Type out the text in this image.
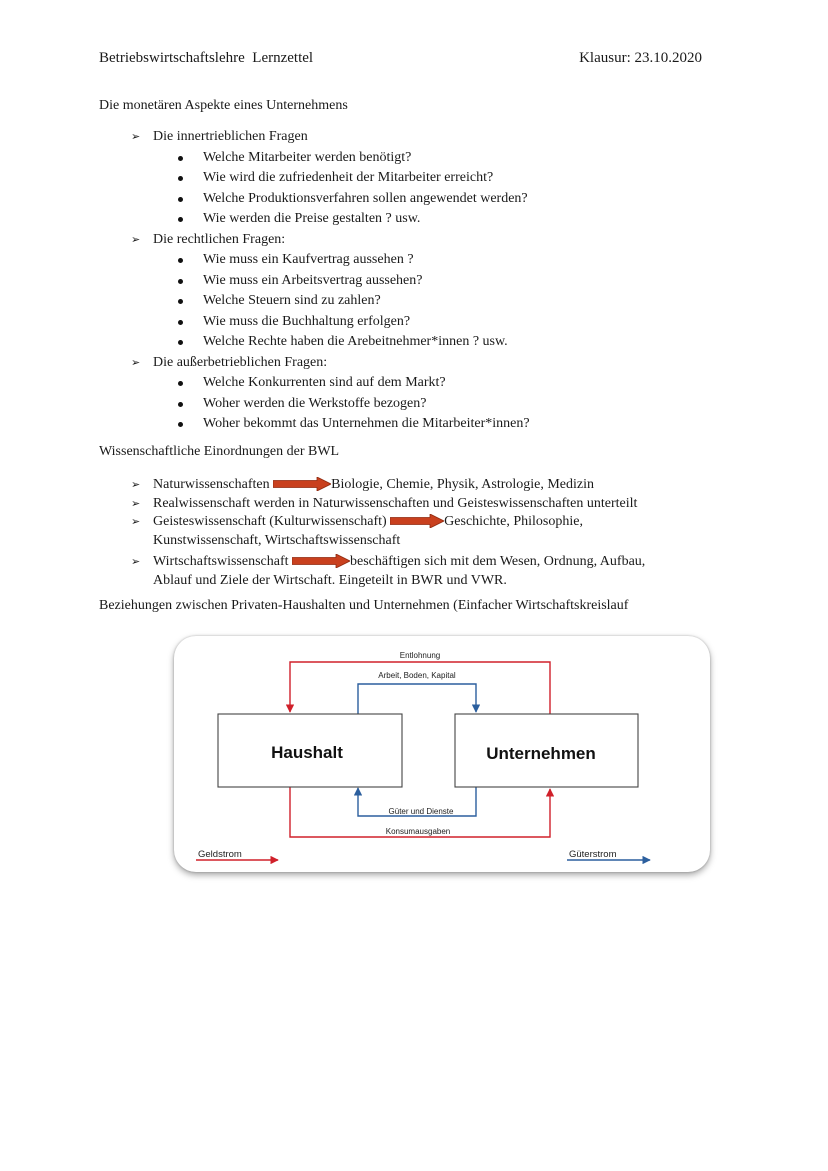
Betriebswirtschaftslehre  Lernzettel	Klausur: 23.10.2020
Die monetären Aspekte eines Unternehmens
➢ Die innertrieblichen Fragen
Welche Mitarbeiter werden benötigt?
Wie wird die zufriedenheit der Mitarbeiter erreicht?
Welche Produktionsverfahren sollen angewendet werden?
Wie werden die Preise gestalten ? usw.
➢ Die rechtlichen Fragen:
Wie muss ein Kaufvertrag aussehen ?
Wie muss ein Arbeitsvertrag aussehen?
Welche Steuern sind zu zahlen?
Wie muss die Buchhaltung erfolgen?
Welche Rechte haben die Arebeitnehmer*innen ? usw.
➢ Die außerbetrieblichen Fragen:
Welche Konkurrenten sind auf dem Markt?
Woher werden die Werkstoffe bezogen?
Woher bekommt das Unternehmen die Mitarbeiter*innen?
Wissenschaftliche Einordnungen der BWL
➢ Naturwissenschaften	Biologie, Chemie, Physik, Astrologie, Medizin
➢ Realwissenschaft werden in Naturwissenschaften und Geisteswissenschaften unterteilt
➢ Geisteswissenschaft (Kulturwissenschaft)	Geschichte, Philosophie,
Kunstwissenschaft, Wirtschaftswissenschaft
➢ Wirtschaftswissenschaft	beschäftigen sich mit dem Wesen, Ordnung, Aufbau,
Ablauf und Ziele der Wirtschaft. Eingeteilt in BWR und VWR.
Beziehungen zwischen Privaten-Haushalten und Unternehmen (Einfacher Wirtschaftskreislauf
Haushalt	Unternehmen
Entlohnung
Arbeit, Boden, Kapital
Güter und Dienste
Konsumausgaben
Geldstrom	Güterstrom
